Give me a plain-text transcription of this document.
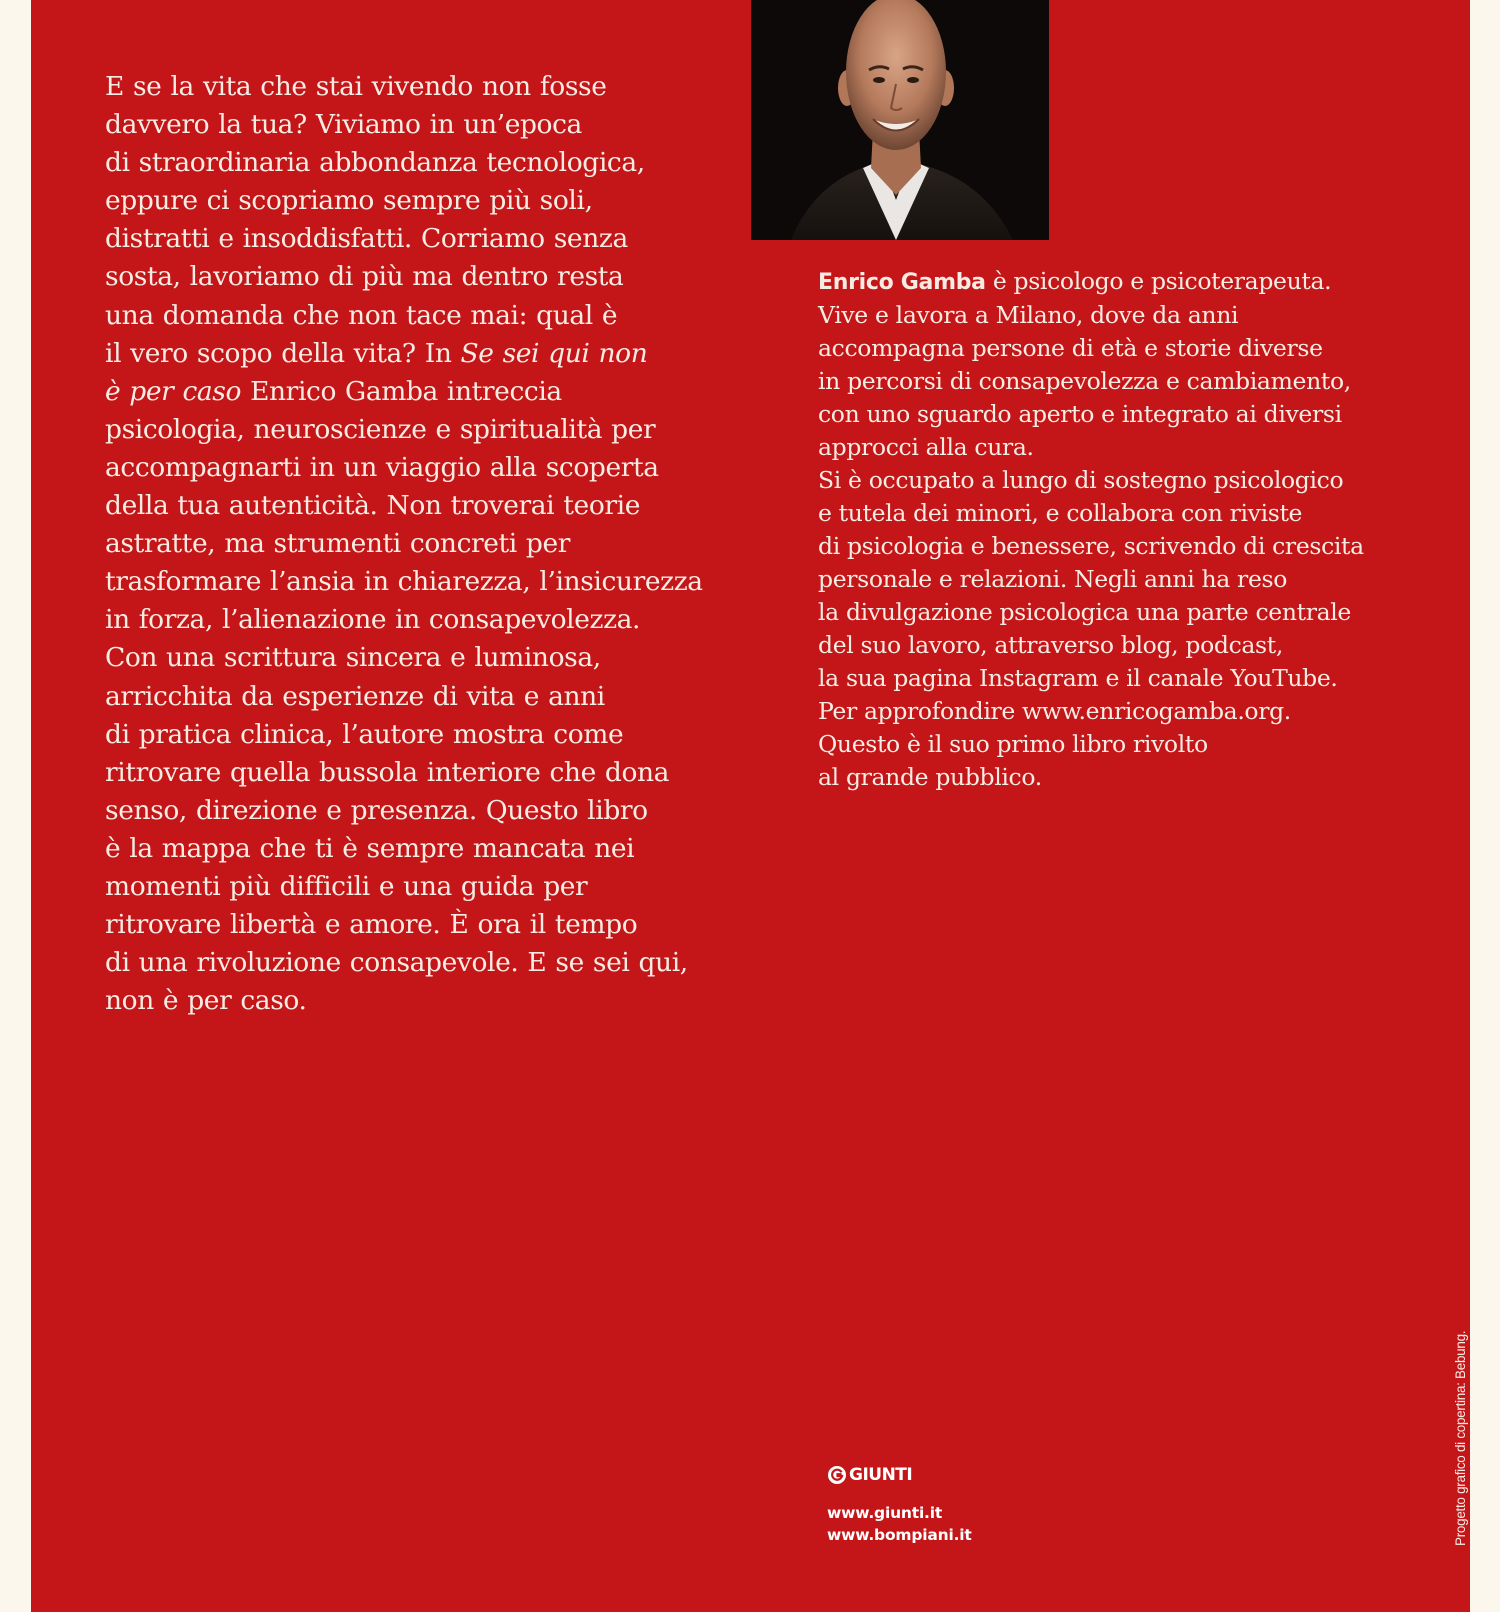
E se la vita che stai vivendo non fosse
davvero la tua? Viviamo in un’epoca
di straordinaria abbondanza tecnologica,
eppure ci scopriamo sempre più soli,
distratti e insoddisfatti. Corriamo senza
sosta, lavoriamo di più ma dentro resta
una domanda che non tace mai: qual è
il vero scopo della vita? In Se sei qui non
è per caso Enrico Gamba intreccia
psicologia, neuroscienze e spiritualità per
accompagnarti in un viaggio alla scoperta
della tua autenticità. Non troverai teorie
astratte, ma strumenti concreti per
trasformare l’ansia in chiarezza, l’insicurezza
in forza, l’alienazione in consapevolezza.
Con una scrittura sincera e luminosa,
arricchita da esperienze di vita e anni
di pratica clinica, l’autore mostra come
ritrovare quella bussola interiore che dona
senso, direzione e presenza. Questo libro
è la mappa che ti è sempre mancata nei
momenti più difficili e una guida per
ritrovare libertà e amore. È ora il tempo
di una rivoluzione consapevole. E se sei qui,
non è per caso.
Enrico Gamba è psicologo e psicoterapeuta.
Vive e lavora a Milano, dove da anni
accompagna persone di età e storie diverse
in percorsi di consapevolezza e cambiamento,
con uno sguardo aperto e integrato ai diversi
approcci alla cura.
Si è occupato a lungo di sostegno psicologico
e tutela dei minori, e collabora con riviste
di psicologia e benessere, scrivendo di crescita
personale e relazioni. Negli anni ha reso
la divulgazione psicologica una parte centrale
del suo lavoro, attraverso blog, podcast,
la sua pagina Instagram e il canale YouTube.
Per approfondire www.enricogamba.org.
Questo è il suo primo libro rivolto
al grande pubblico.
GIUNTI
www.giunti.it
www.bompiani.it	Progetto grafico di copertina: Bebung.
